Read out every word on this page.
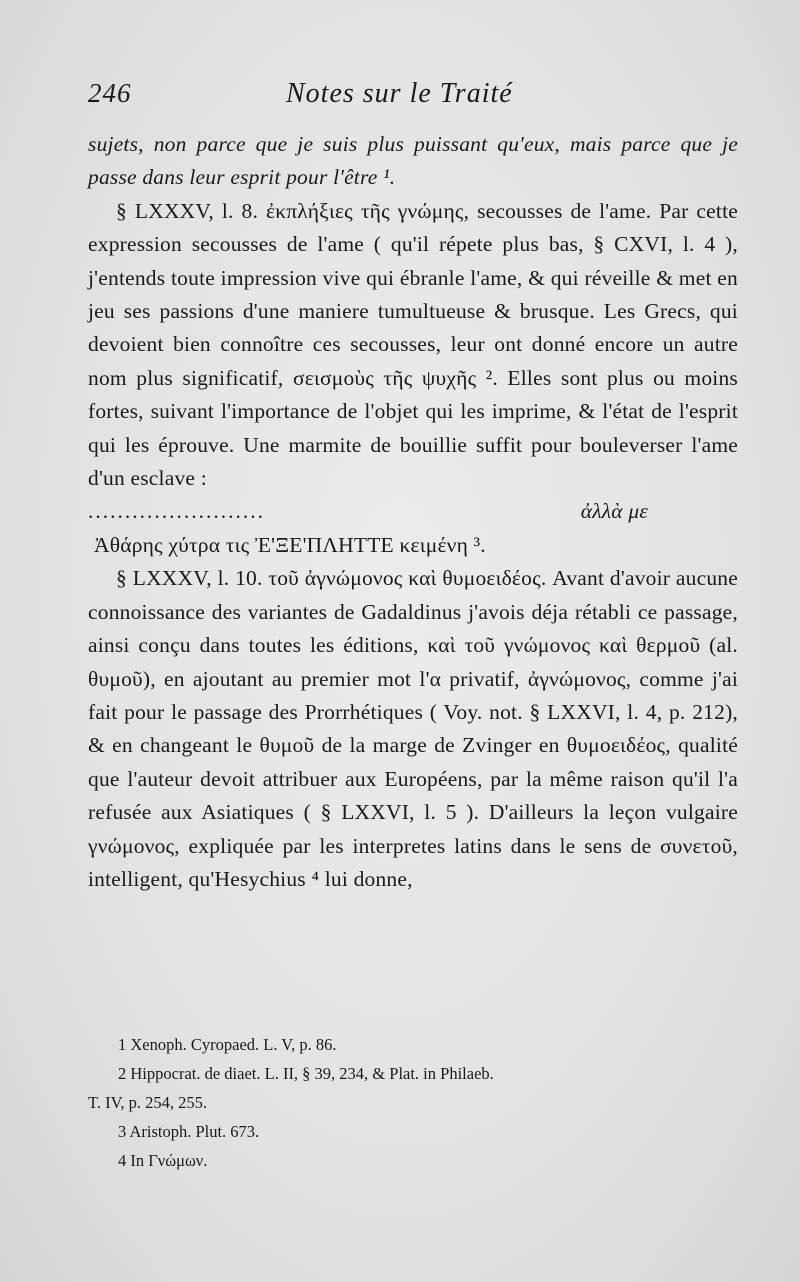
246	Notes sur le Traité

sujets, non parce que je suis plus puissant qu'eux, mais parce que je passe dans leur esprit pour l'être ¹.

§ LXXXV, l. 8. ἐκπλήξιες τῆς γνώμης, secousses de l'ame. Par cette expression secousses de l'ame ( qu'il répete plus bas, § CXVI, l. 4 ), j'entends toute impression vive qui ébranle l'ame, & qui réveille & met en jeu ses passions d'une maniere tumultueuse & brusque. Les Grecs, qui devoient bien connoître ces secousses, leur ont donné encore un autre nom plus significatif, σεισμοὺς τῆς ψυχῆς ². Elles sont plus ou moins fortes, suivant l'importance de l'objet qui les imprime, & l'état de l'esprit qui les éprouve. Une marmite de bouillie suffit pour bouleverser l'ame d'un esclave :

........................	ἀλλὰ με

Ἀθάρης χύτρα τις Ἐ'ΞΕ'ΠΛΗΤΤΕ κειμένη ³.

§ LXXXV, l. 10. τοῦ ἀγνώμονος καὶ θυμοειδέος. Avant d'avoir aucune connoissance des variantes de Gadaldinus j'avois déja rétabli ce passage, ainsi conçu dans toutes les éditions, καὶ τοῦ γνώμονος καὶ θερμοῦ (al. θυμοῦ), en ajoutant au premier mot l'α privatif, ἀγνώμονος, comme j'ai fait pour le passage des Prorrhétiques ( Voy. not. § LXXVI, l. 4, p. 212), & en changeant le θυμοῦ de la marge de Zvinger en θυμοειδέος, qualité que l'auteur devoit attribuer aux Européens, par la même raison qu'il l'a refusée aux Asiatiques ( § LXXVI, l. 5 ). D'ailleurs la leçon vulgaire γνώμονος, expliquée par les interpretes latins dans le sens de συνετοῦ, intelligent, qu'Hesychius ⁴ lui donne,

1 Xenoph. Cyropaed. L. V, p. 86.
2 Hippocrat. de diaet. L. II, § 39, 234, & Plat. in Philaeb.
T. IV, p. 254, 255.
3 Aristoph. Plut. 673.
4 In Γνώμων.
